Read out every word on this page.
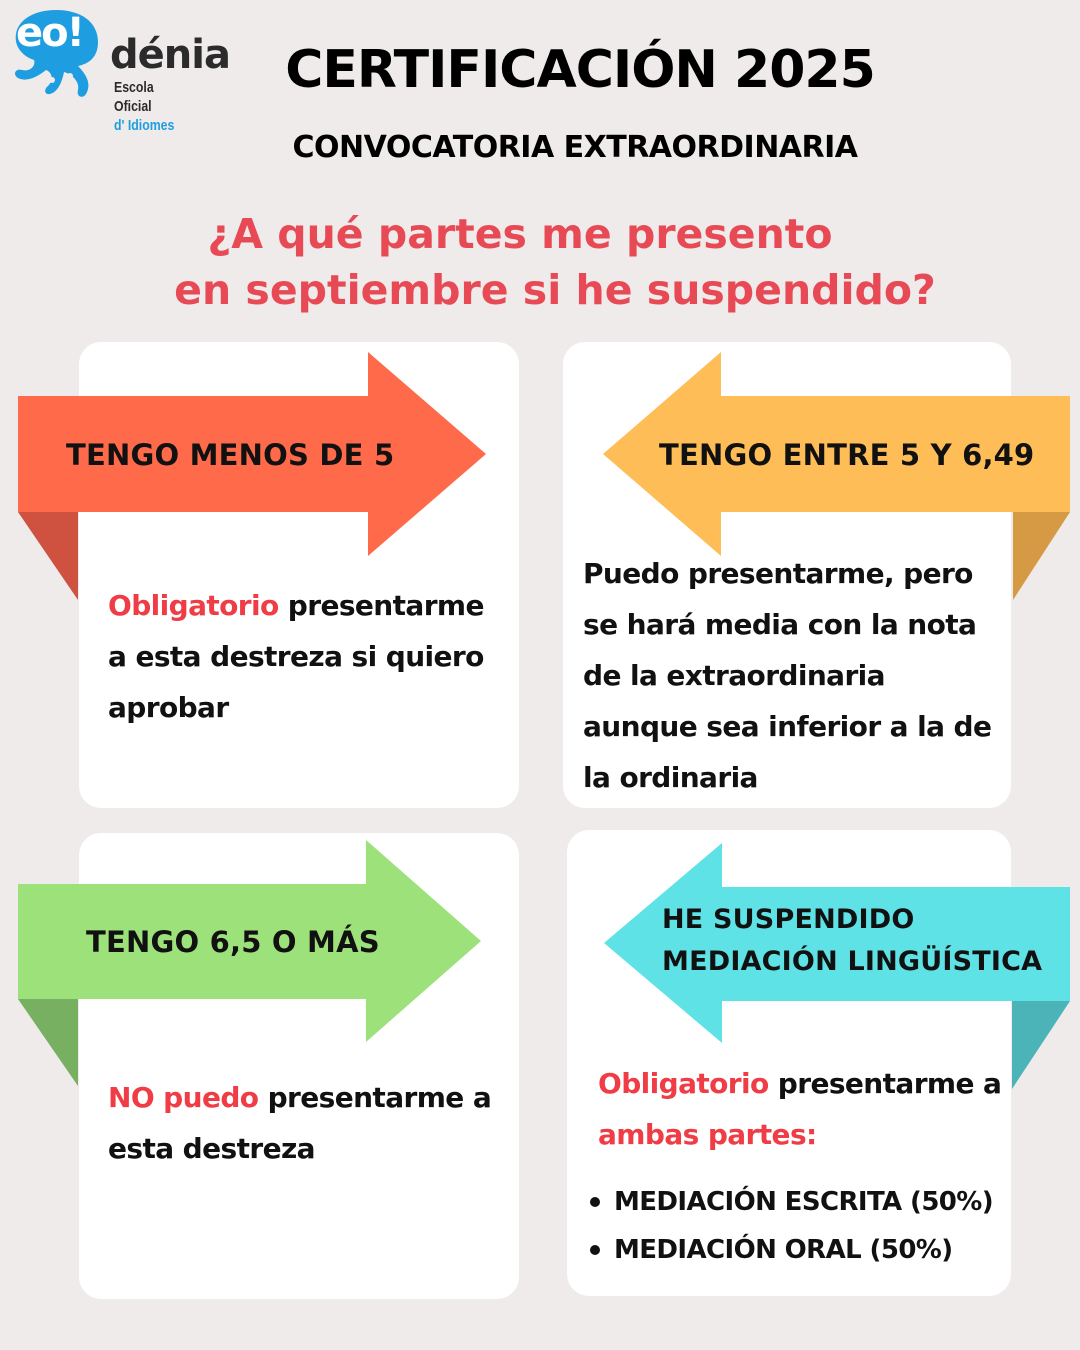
eo! dénia
Escola
Oficial
d' Idiomes
CERTIFICACIÓN 2025
CONVOCATORIA EXTRAORDINARIA
¿A qué partes me presento
en septiembre si he suspendido?
TENGO MENOS DE 5	TENGO ENTRE 5 Y 6,49
TENGO 6,5 O MÁS
HE SUSPENDIDO
MEDIACIÓN LINGÜÍSTICA
Obligatorio presentarme a esta destreza si quiero aprobar
Puedo presentarme, pero se hará media con la nota de la extraordinaria aunque sea inferior a la de la ordinaria
NO puedo presentarme a esta destreza
Obligatorio presentarme a ambas partes:
MEDIACIÓN ESCRITA (50%)
MEDIACIÓN ORAL (50%)
